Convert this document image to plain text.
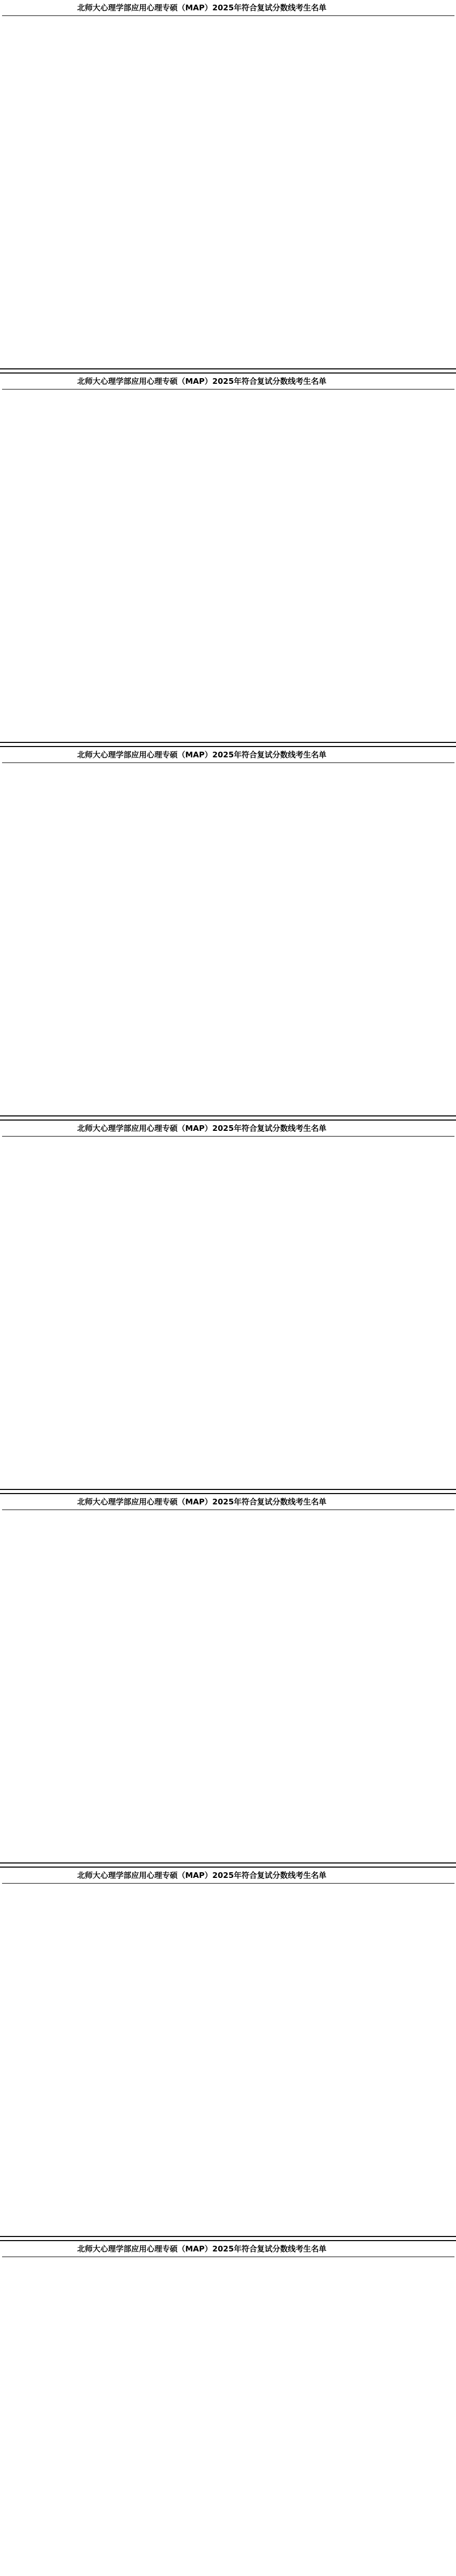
北师大心理学部应用心理专硕（MAP）2025年符合复试分数线考生名单
北师大心理学部应用心理专硕（MAP）2025年符合复试分数线考生名单
北师大心理学部应用心理专硕（MAP）2025年符合复试分数线考生名单
北师大心理学部应用心理专硕（MAP）2025年符合复试分数线考生名单
北师大心理学部应用心理专硕（MAP）2025年符合复试分数线考生名单
北师大心理学部应用心理专硕（MAP）2025年符合复试分数线考生名单
北师大心理学部应用心理专硕（MAP）2025年符合复试分数线考生名单
